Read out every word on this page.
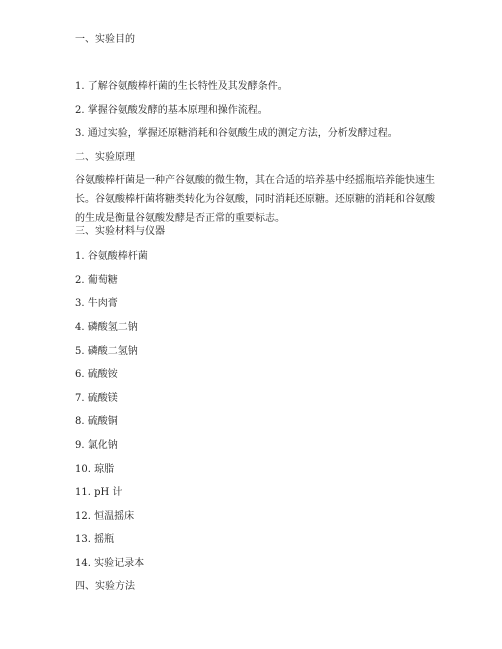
一、实验目的
1. 了解谷氨酸棒杆菌的生长特性及其发酵条件。
2. 掌握谷氨酸发酵的基本原理和操作流程。
3. 通过实验，掌握还原糖消耗和谷氨酸生成的测定方法，分析发酵过程。
二、实验原理
谷氨酸棒杆菌是一种产谷氨酸的微生物，其在合适的培养基中经摇瓶培养能快速生
长。谷氨酸棒杆菌将糖类转化为谷氨酸，同时消耗还原糖。还原糖的消耗和谷氨酸
的生成是衡量谷氨酸发酵是否正常的重要标志。
三、实验材料与仪器
1. 谷氨酸棒杆菌
2. 葡萄糖
3. 牛肉膏
4. 磷酸氢二钠
5. 磷酸二氢钠
6. 硫酸铵
7. 硫酸镁
8. 硫酸铜
9. 氯化钠
10. 琼脂
11. pH 计
12. 恒温摇床
13. 摇瓶
14. 实验记录本
四、实验方法
